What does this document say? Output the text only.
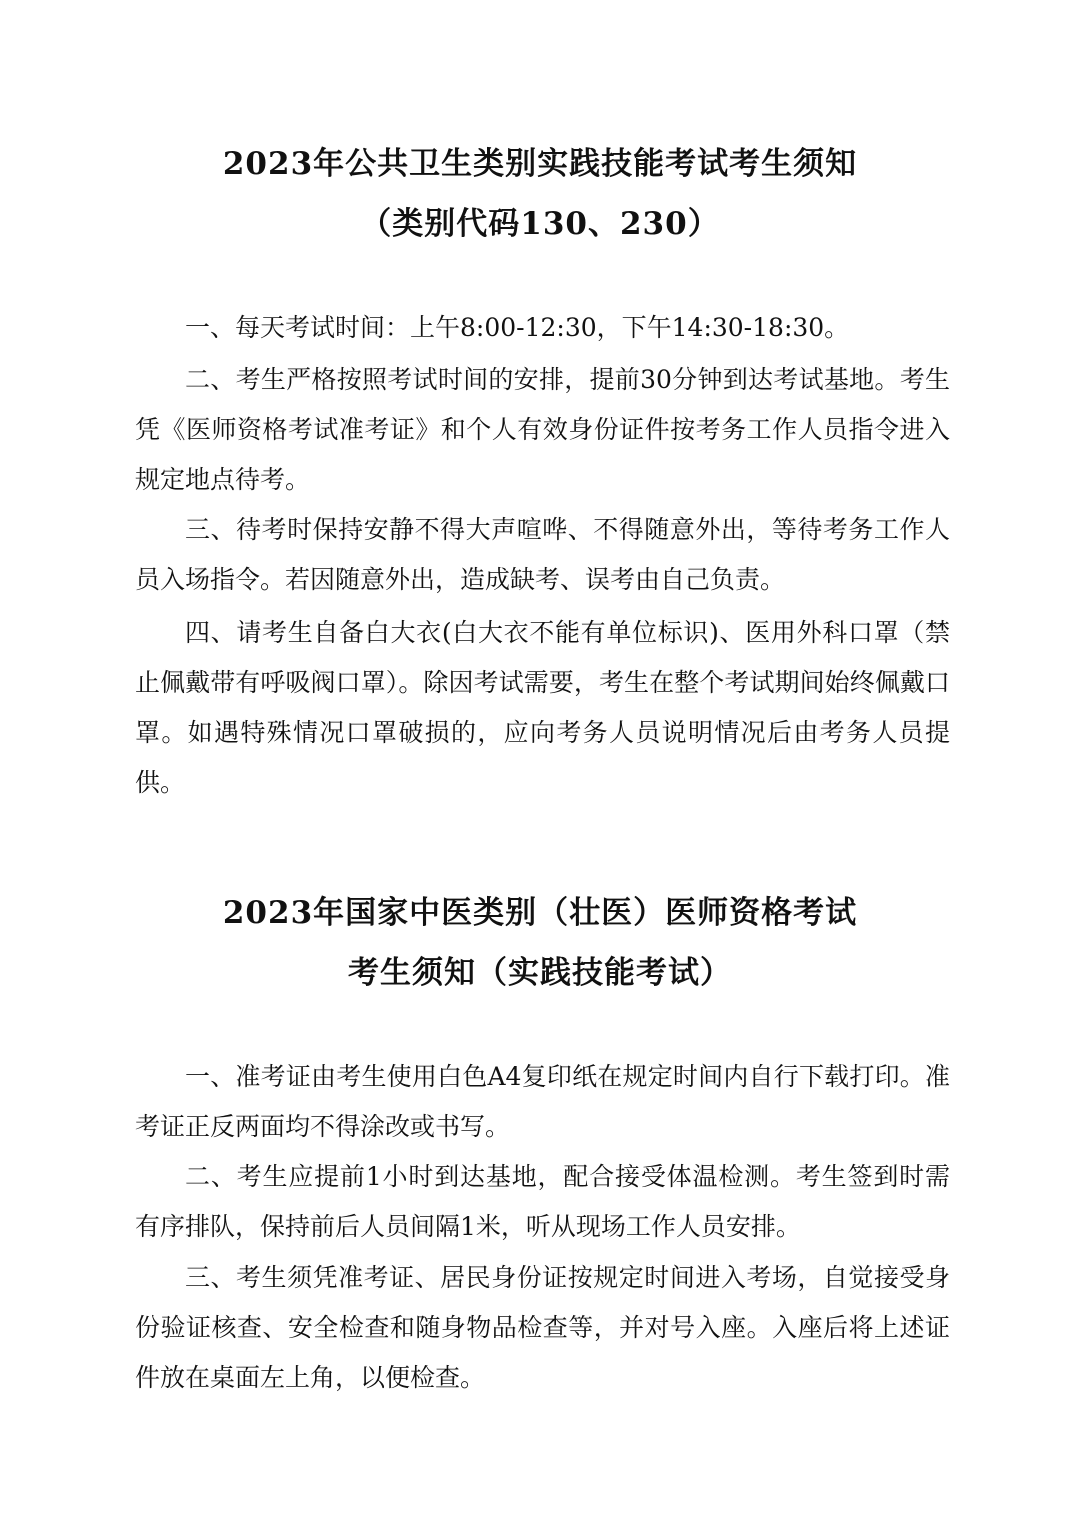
2023年公共卫生类别实践技能考试考生须知
（类别代码130、230）

一、每天考试时间：上午8:00-12:30，下午14:30-18:30。

二、考生严格按照考试时间的安排，提前30分钟到达考试基地。考生凭《医师资格考试准考证》和个人有效身份证件按考务工作人员指令进入规定地点待考。

三、待考时保持安静不得大声喧哗、不得随意外出，等待考务工作人员入场指令。若因随意外出，造成缺考、误考由自己负责。

四、请考生自备白大衣(白大衣不能有单位标识)、医用外科口罩（禁止佩戴带有呼吸阀口罩）。除因考试需要，考生在整个考试期间始终佩戴口罩。如遇特殊情况口罩破损的，应向考务人员说明情况后由考务人员提供。

2023年国家中医类别（壮医）医师资格考试
考生须知（实践技能考试）

一、准考证由考生使用白色A4复印纸在规定时间内自行下载打印。准考证正反两面均不得涂改或书写。

二、考生应提前1小时到达基地，配合接受体温检测。考生签到时需有序排队，保持前后人员间隔1米，听从现场工作人员安排。

三、考生须凭准考证、居民身份证按规定时间进入考场，自觉接受身份验证核查、安全检查和随身物品检查等，并对号入座。入座后将上述证件放在桌面左上角，以便检查。
